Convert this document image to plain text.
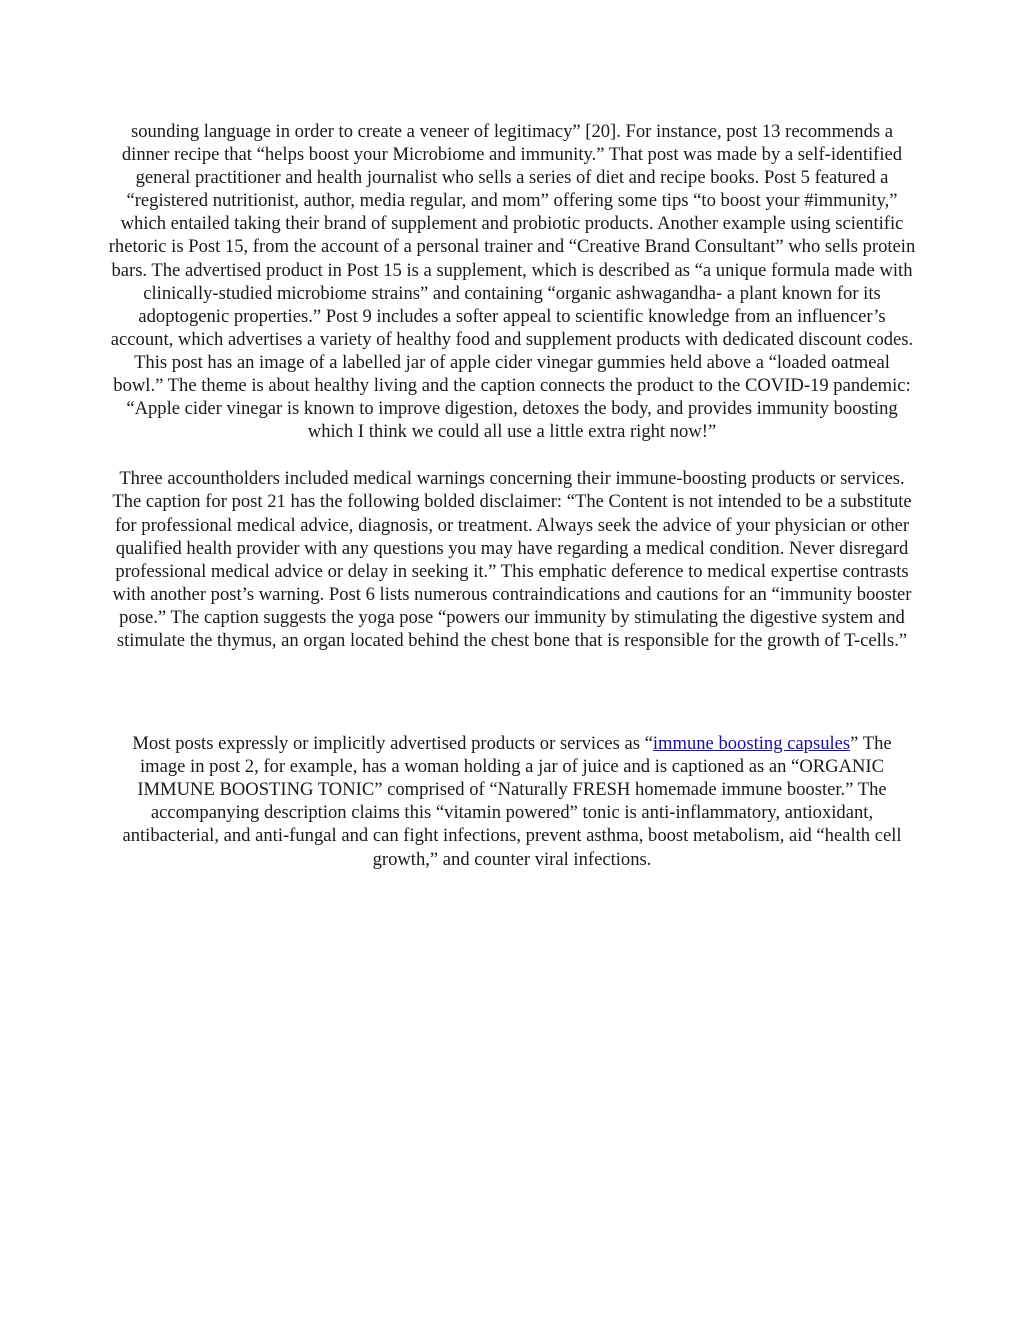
sounding language in order to create a veneer of legitimacy” [20]. For instance, post 13 recommends a dinner recipe that “helps boost your Microbiome and immunity.” That post was made by a self-identified general practitioner and health journalist who sells a series of diet and recipe books. Post 5 featured a “registered nutritionist, author, media regular, and mom” offering some tips “to boost your #immunity,” which entailed taking their brand of supplement and probiotic products. Another example using scientific rhetoric is Post 15, from the account of a personal trainer and “Creative Brand Consultant” who sells protein bars. The advertised product in Post 15 is a supplement, which is described as “a unique formula made with clinically-studied microbiome strains” and containing “organic ashwagandha- a plant known for its adoptogenic properties.” Post 9 includes a softer appeal to scientific knowledge from an influencer’s account, which advertises a variety of healthy food and supplement products with dedicated discount codes. This post has an image of a labelled jar of apple cider vinegar gummies held above a “loaded oatmeal bowl.” The theme is about healthy living and the caption connects the product to the COVID-19 pandemic: “Apple cider vinegar is known to improve digestion, detoxes the body, and provides immunity boosting which I think we could all use a little extra right now!”

Three accountholders included medical warnings concerning their immune-boosting products or services. The caption for post 21 has the following bolded disclaimer: “The Content is not intended to be a substitute for professional medical advice, diagnosis, or treatment. Always seek the advice of your physician or other qualified health provider with any questions you may have regarding a medical condition. Never disregard professional medical advice or delay in seeking it.” This emphatic deference to medical expertise contrasts with another post’s warning. Post 6 lists numerous contraindications and cautions for an “immunity booster pose.” The caption suggests the yoga pose “powers our immunity by stimulating the digestive system and stimulate the thymus, an organ located behind the chest bone that is responsible for the growth of T-cells.”

Most posts expressly or implicitly advertised products or services as “immune boosting capsules” The image in post 2, for example, has a woman holding a jar of juice and is captioned as an “ORGANIC IMMUNE BOOSTING TONIC” comprised of “Naturally FRESH homemade immune booster.” The accompanying description claims this “vitamin powered” tonic is anti-inflammatory, antioxidant, antibacterial, and anti-fungal and can fight infections, prevent asthma, boost metabolism, aid “health cell growth,” and counter viral infections.
